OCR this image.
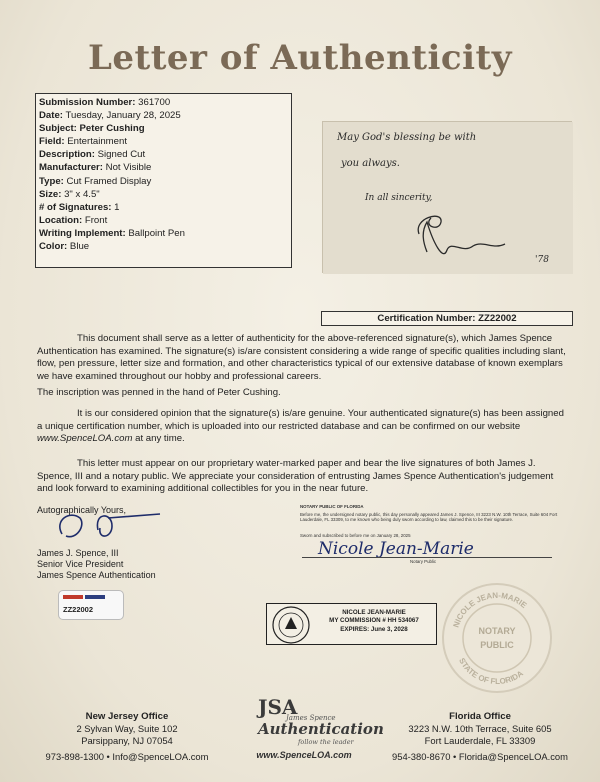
Letter of Authenticity
Submission Number: 361700
Date: Tuesday, January 28, 2025
Subject: Peter Cushing
Field: Entertainment
Description: Signed Cut
Manufacturer: Not Visible
Type: Cut Framed Display
Size: 3" x 4.5"
# of Signatures: 1
Location: Front
Writing Implement: Ballpoint Pen
Color: Blue
May God's blessing be with
you always.
In all sincerity,
'78
Certification Number: ZZ22002
This document shall serve as a letter of authenticity for the above-referenced signature(s), which James Spence Authentication has examined. The signature(s) is/are consistent considering a wide range of specific qualities including slant, flow, pen pressure, letter size and formation, and other characteristics typical of our extensive database of known exemplars we have examined throughout our hobby and professional careers.
The inscription was penned in the hand of Peter Cushing.
It is our considered opinion that the signature(s) is/are genuine. Your authenticated signature(s) has been assigned a unique certification number, which is uploaded into our restricted database and can be confirmed on our website www.SpenceLOA.com at any time.
This letter must appear on our proprietary water-marked paper and bear the live signatures of both James J. Spence, III and a notary public. We appreciate your consideration of entrusting James Spence Authentication's judgement and look forward to examining additional collectibles for you in the near future.
Autographically Yours,
James J. Spence, III
Senior Vice President
James Spence Authentication
ZZ22002
NOTARY PUBLIC OF FLORIDA
Before me, the undersigned notary public, this day personally appeared James J. Spence, III 3223 N.W. 10th Terrace, Suite 604 Fort Lauderdale, FL 33309, to me known who being duly sworn according to law, claimed this to be their signature.
Sworn and subscribed to before me on January 28, 2025
Nicole Jean-Marie
Notary Public
NICOLE JEAN-MARIE
MY COMMISSION # HH 534067
EXPIRES: June 3, 2028
NICOLE JEAN-MARIE
STATE OF FLORIDA
NOTARY
PUBLIC
New Jersey Office
2 Sylvan Way, Suite 102
Parsippany, NJ 07054
973-898-1300 • Info@SpenceLOA.com
Florida Office
3223 N.W. 10th Terrace, Suite 605
Fort Lauderdale, FL 33309
954-380-8670 • Florida@SpenceLOA.com
JSA
James Spence
Authentication
follow the leader
www.SpenceLOA.com
